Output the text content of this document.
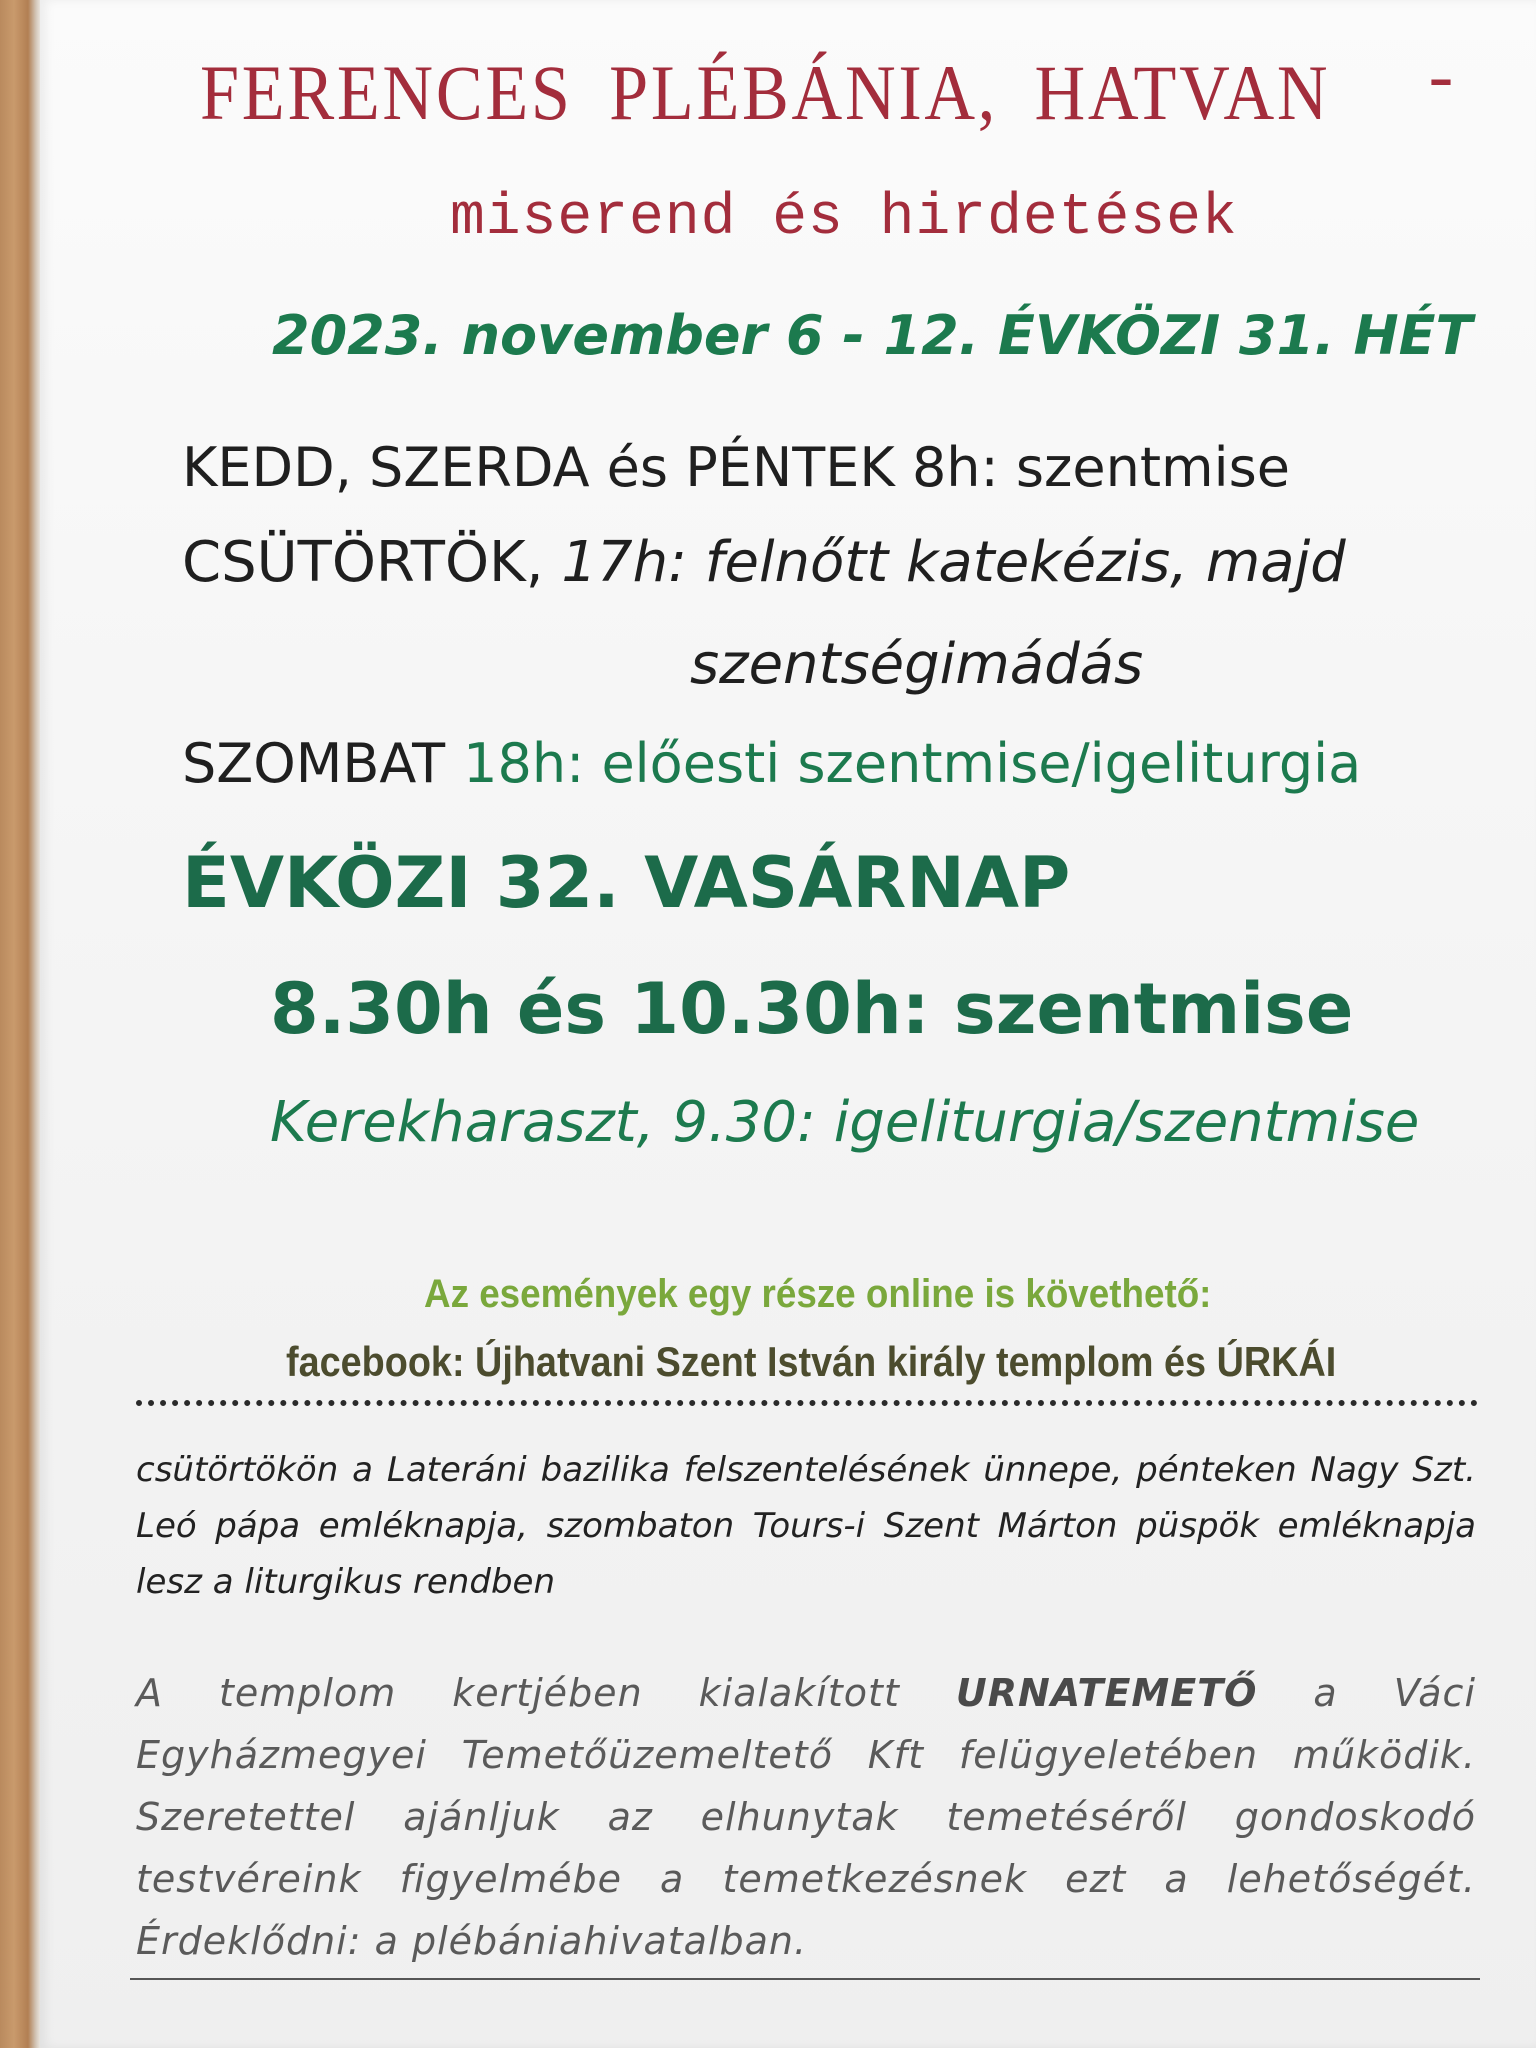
FERENCES PLÉBÁNIA, HATVAN -
miserend és hirdetések
2023. november 6 - 12. ÉVKÖZI 31. HÉT
KEDD, SZERDA és PÉNTEK 8h: szentmise
CSÜTÖRTÖK, 17h: felnőtt katekézis, majd
szentségimádás
SZOMBAT 18h: előesti szentmise/igeliturgia
ÉVKÖZI 32. VASÁRNAP
8.30h és 10.30h: szentmise
Kerekharaszt, 9.30: igeliturgia/szentmise
Az események egy része online is követhető:
facebook: Újhatvani Szent István király templom és ÚRKÁI

csütörtökön a Lateráni bazilika felszentelésének ünnepe, pénteken Nagy Szt. Leó pápa emléknapja, szombaton Tours-i Szent Márton püspök emléknapja lesz a liturgikus rendben

A templom kertjében kialakított URNATEMETŐ a Váci Egyházmegyei Temetőüzemeltető Kft felügyeletében működik. Szeretettel ajánljuk az elhunytak temetéséről gondoskodó testvéreink figyelmébe a temetkezésnek ezt a lehetőségét. Érdeklődni: a plébániahivatalban.
